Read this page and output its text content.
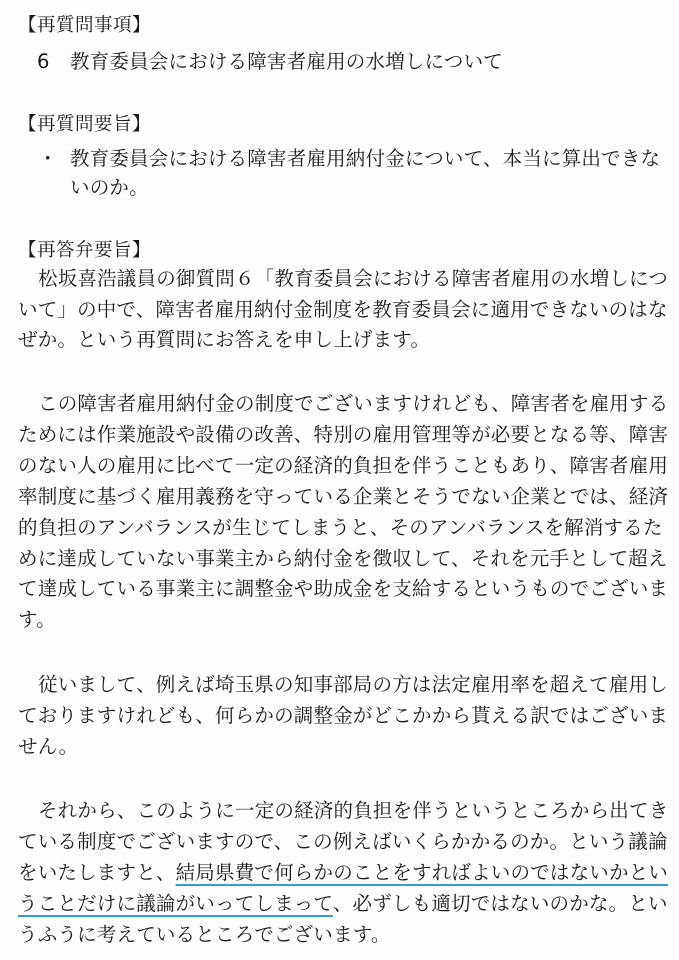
【再質問事項】
6 教育委員会における障害者雇用の水増しについて
【再質問要旨】
・ 教育委員会における障害者雇用納付金について、本当に算出できな
いのか。
【再答弁要旨】
松坂喜浩議員の御質問６「教育委員会における障害者雇用の水増しにつ
いて」の中で、障害者雇用納付金制度を教育委員会に適用できないのはな
ぜか。という再質問にお答えを申し上げます。
この障害者雇用納付金の制度でございますけれども、障害者を雇用する
ためには作業施設や設備の改善、特別の雇用管理等が必要となる等、障害
のない人の雇用に比べて一定の経済的負担を伴うこともあり、障害者雇用
率制度に基づく雇用義務を守っている企業とそうでない企業とでは、経済
的負担のアンバランスが生じてしまうと、そのアンバランスを解消するた
めに達成していない事業主から納付金を徴収して、それを元手として超え
て達成している事業主に調整金や助成金を支給するというものでございま
す。
従いまして、例えば埼玉県の知事部局の方は法定雇用率を超えて雇用し
ておりますけれども、何らかの調整金がどこかから貰える訳ではございま
せん。
それから、このように一定の経済的負担を伴うというところから出てき
ている制度でございますので、この例えばいくらかかるのか。という議論
をいたしますと、結局県費で何らかのことをすればよいのではないかとい
うことだけに議論がいってしまって、必ずしも適切ではないのかな。とい
うふうに考えているところでございます。
